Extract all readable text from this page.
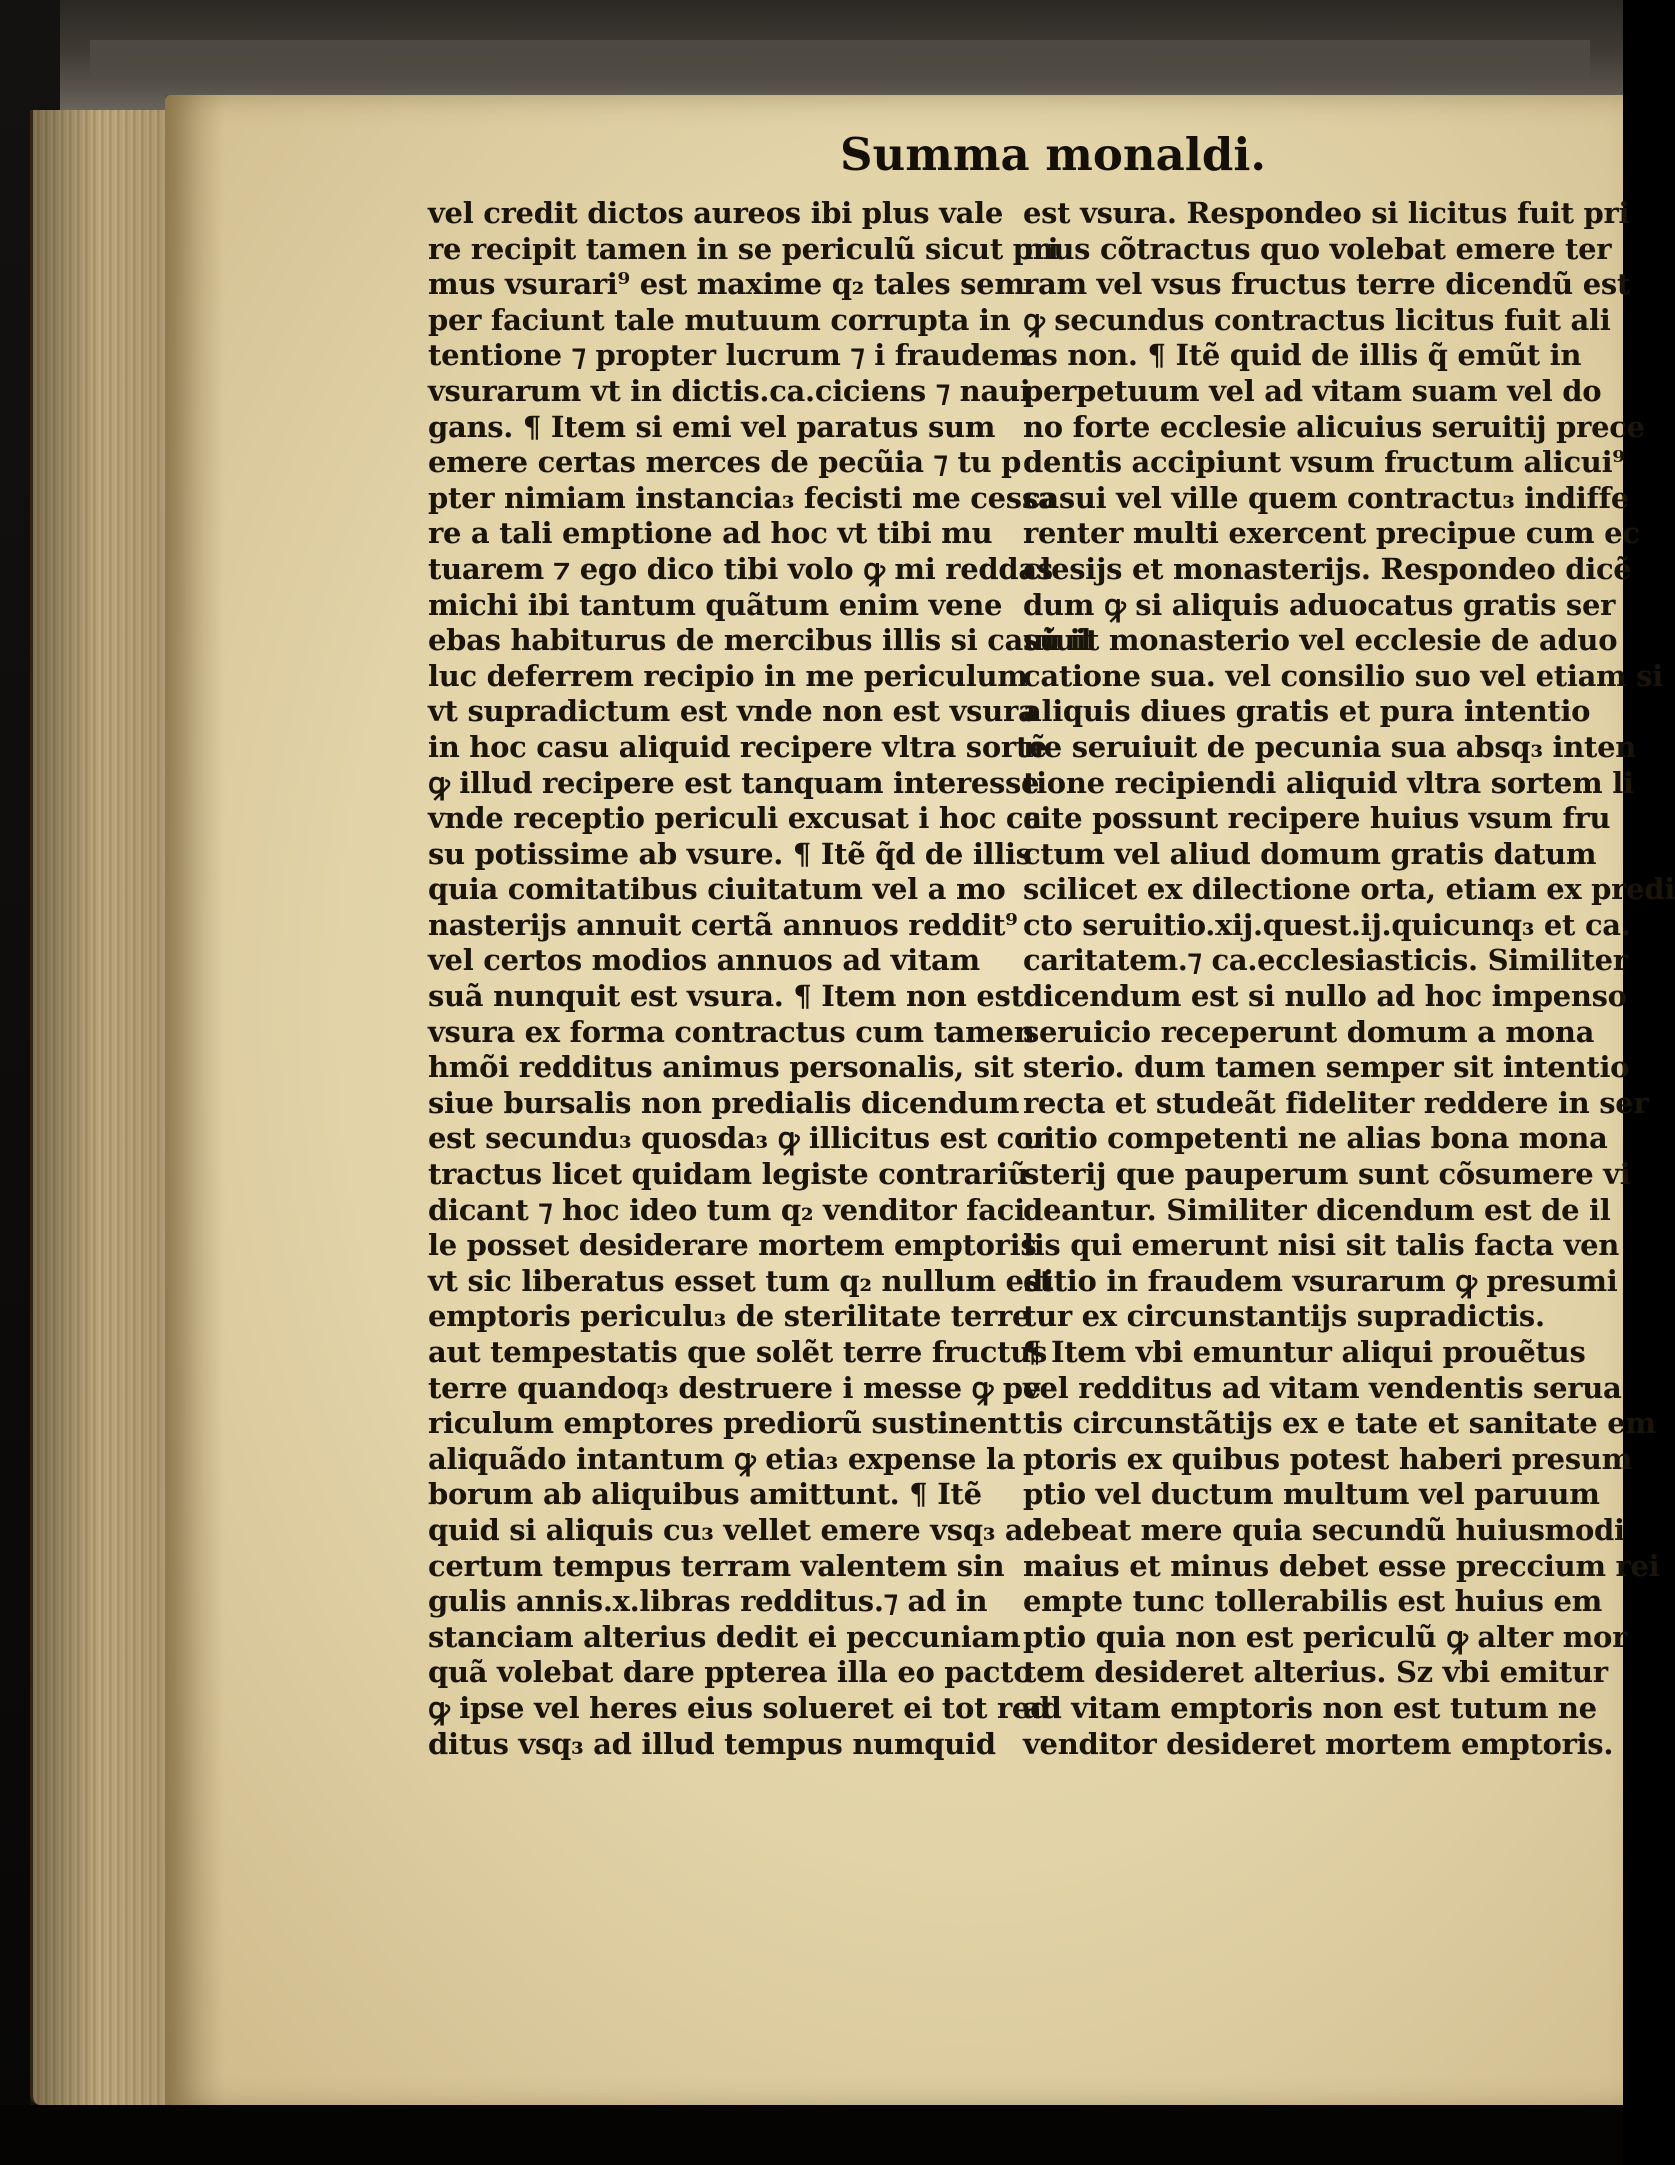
Summa monaldi.
vel credit dictos aureos ibi plus vale
re recipit tamen in se periculũ sicut pri
mus vsurari⁹ est maxime q₂ tales sem
per faciunt tale mutuum corrupta in
tentione ⁊ propter lucrum ⁊ i fraudem
vsurarum vt in dictis.ca.ciciens ⁊ naui
gans. ¶ Item si emi vel paratus sum
emere certas merces de pecũia ⁊ tu p
pter nimiam instancia₃ fecisti me cessa
re a tali emptione ad hoc vt tibi mu
tuarem ⁊ ego dico tibi volo ꝙ mi reddas
michi ibi tantum quãtum enim vene
ebas habiturus de mercibus illis si casũ il
luc deferrem recipio in me periculum
vt supradictum est vnde non est vsura
in hoc casu aliquid recipere vltra sortẽ
ꝙ illud recipere est tanquam interesse
vnde receptio periculi excusat i hoc ca
su potissime ab vsure. ¶ Itẽ q̃d de illis
quia comitatibus ciuitatum vel a mo
nasterijs annuit certã annuos reddit⁹
vel certos modios annuos ad vitam
suã nunquit est vsura. ¶ Item non est
vsura ex forma contractus cum tamen
hmõi redditus animus personalis, sit
siue bursalis non predialis dicendum
est secundu₃ quosda₃ ꝙ illicitus est con
tractus licet quidam legiste contrariũ
dicant ⁊ hoc ideo tum q₂ venditor faci
le posset desiderare mortem emptoris
vt sic liberatus esset tum q₂ nullum est
emptoris periculu₃ de sterilitate terre
aut tempestatis que solẽt terre fructus
terre quandoq₃ destruere i messe ꝙ pe
riculum emptores prediorũ sustinent
aliquãdo intantum ꝙ etia₃ expense la
borum ab aliquibus amittunt. ¶ Itẽ
quid si aliquis cu₃ vellet emere vsq₃ ad
certum tempus terram valentem sin
gulis annis.x.libras redditus.⁊ ad in
stanciam alterius dedit ei peccuniam
quã volebat dare ppterea illa eo pacto
ꝙ ipse vel heres eius solueret ei tot red
ditus vsq₃ ad illud tempus numquid
est vsura. Respondeo si licitus fuit pri
mus cõtractus quo volebat emere ter
ram vel vsus fructus terre dicendũ est
ꝙ secundus contractus licitus fuit ali
as non. ¶ Itẽ quid de illis q̃ emũt in
perpetuum vel ad vitam suam vel do
no forte ecclesie alicuius seruitij prece
dentis accipiunt vsum fructum alicui⁹
casui vel ville quem contractu₃ indiffe
renter multi exercent precipue cum ec
clesijs et monasterijs. Respondeo dicẽ
dum ꝙ si aliquis aduocatus gratis ser
uiuit monasterio vel ecclesie de aduo
catione sua. vel consilio suo vel etiam si
aliquis diues gratis et pura intentio
ne seruiuit de pecunia sua absq₃ inten
tione recipiendi aliquid vltra sortem li
cite possunt recipere huius vsum fru
ctum vel aliud domum gratis datum
scilicet ex dilectione orta, etiam ex predi
cto seruitio.xij.quest.ij.quicunq₃ et ca.
caritatem.⁊ ca.ecclesiasticis. Similiter
dicendum est si nullo ad hoc impenso
seruicio receperunt domum a mona
sterio. dum tamen semper sit intentio
recta et studeãt fideliter reddere in ser
uitio competenti ne alias bona mona
sterij que pauperum sunt cõsumere vi
deantur. Similiter dicendum est de il
lis qui emerunt nisi sit talis facta ven
ditio in fraudem vsurarum ꝙ presumi
tur ex circunstantijs supradictis.
¶ Item vbi emuntur aliqui prouẽtus
vel redditus ad vitam vendentis serua
tis circunstãtijs ex e tate et sanitate em
ptoris ex quibus potest haberi presum
ptio vel ductum multum vel paruum
debeat mere quia secundũ huiusmodi
maius et minus debet esse preccium rei
empte tunc tollerabilis est huius em
ptio quia non est periculũ ꝙ alter mor
tem desideret alterius. Sz vbi emitur
ad vitam emptoris non est tutum ne
venditor desideret mortem emptoris.
